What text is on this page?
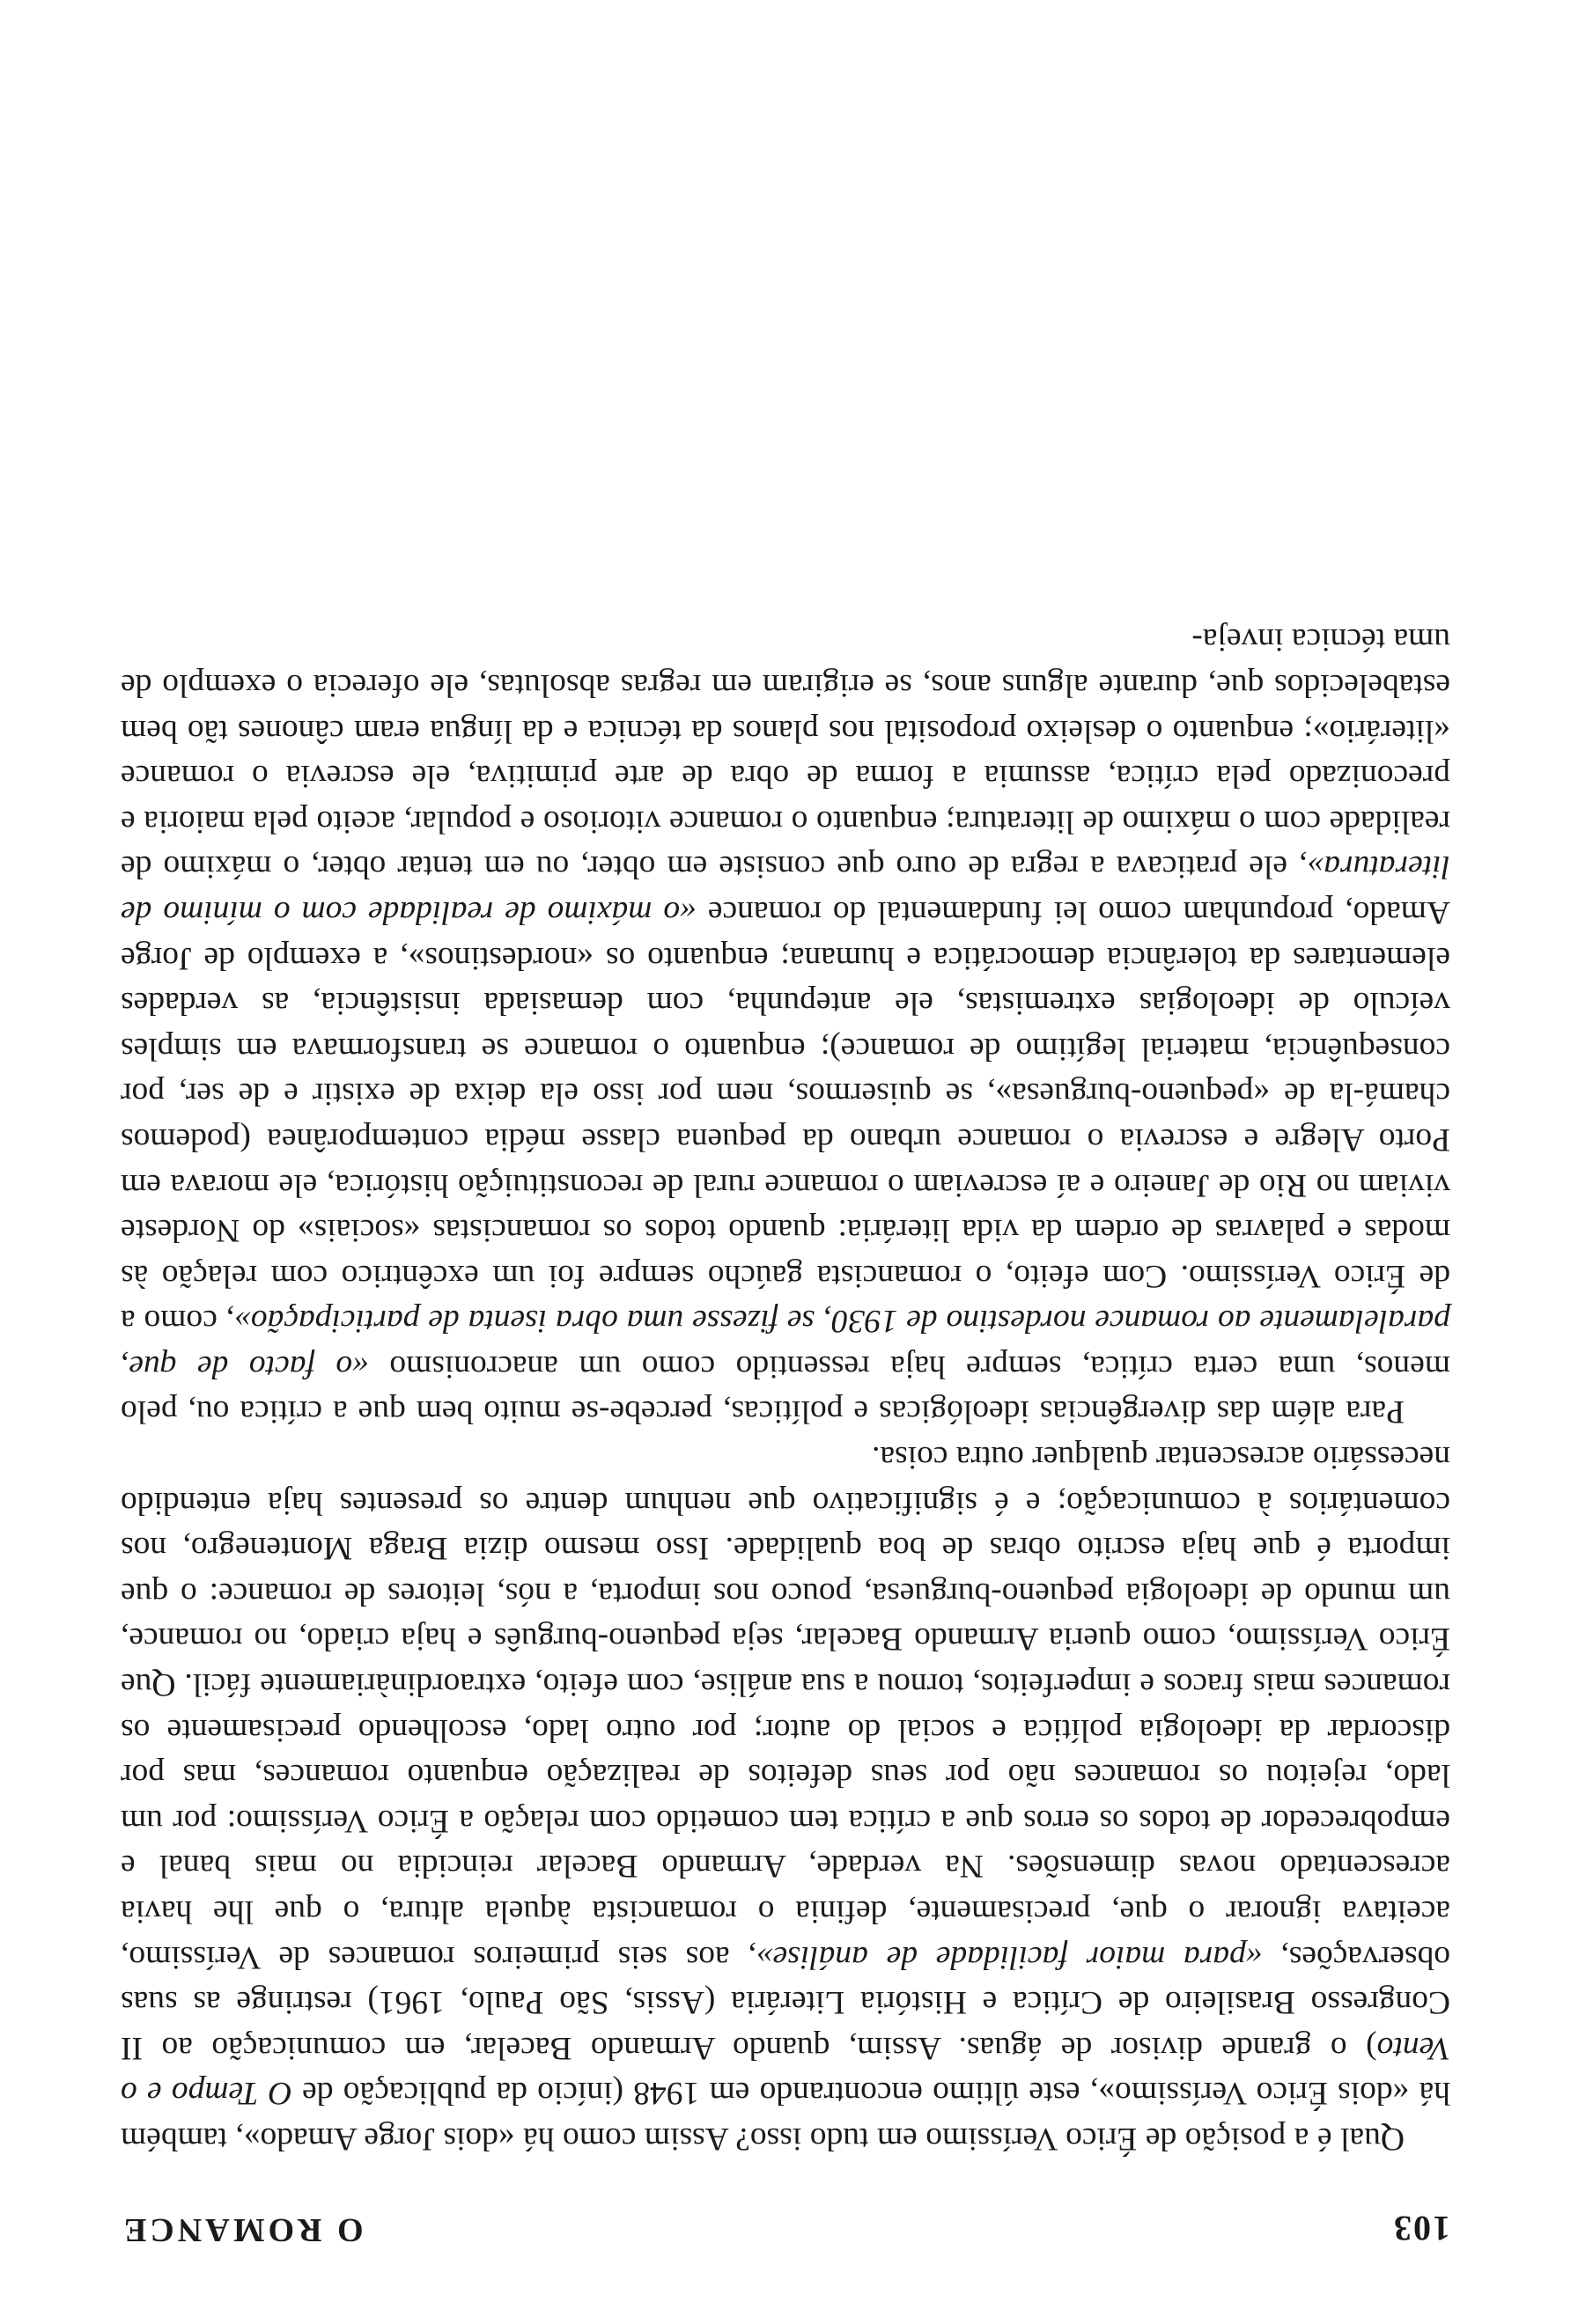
103
O ROMANCE

Qual é a posição de Érico Veríssimo em tudo isso? Assim como há «dois Jorge Amado», também há «dois Érico Veríssimo», este último encontrando em 1948 (início da publicação de O Tempo e o Vento) o grande divisor de águas. Assim, quando Armando Bacelar, em comunicação ao II Congresso Brasileiro de Crítica e História Literária (Assis, São Paulo, 1961) restringe as suas observações, «para maior facilidade de análise», aos seis primeiros romances de Veríssimo, aceitava ignorar o que, precisamente, definia o romancista àquela altura, o que lhe havia acrescentado novas dimensões. Na verdade, Armando Bacelar reincidia no mais banal e empobrecedor de todos os erros que a crítica tem cometido com relação a Érico Veríssimo: por um lado, rejeitou os romances não por seus defeitos de realização enquanto romances, mas por discordar da ideologia política e social do autor; por outro lado, escolhendo precisamente os romances mais fracos e imperfeitos, tornou a sua análise, com efeito, extraordinàriamente fácil. Que Érico Veríssimo, como queria Armando Bacelar, seja pequeno-burguês e haja criado, no romance, um mundo de ideologia pequeno-burguesa, pouco nos importa, a nós, leitores de romance: o que importa é que haja escrito obras de boa qualidade. Isso mesmo dizia Braga Montenegro, nos comentários à comunicação; e é significativo que nenhum dentre os presentes haja entendido necessário acrescentar qualquer outra coisa.

Para além das divergências ideológicas e políticas, percebe-se muito bem que a crítica ou, pelo menos, uma certa crítica, sempre haja ressentido como um anacronismo «o facto de que, paralelamente ao romance nordestino de 1930, se fizesse uma obra isenta de participação», como a de Érico Veríssimo. Com efeito, o romancista gaúcho sempre foi um excêntrico com relação às modas e palavras de ordem da vida literária: quando todos os romancistas «sociais» do Nordeste viviam no Rio de Janeiro e aí escreviam o romance rural de reconstituição histórica, ele morava em Porto Alegre e escrevia o romance urbano da pequena classe média contemporânea (podemos chamá-la de «pequeno-burguesa», se quisermos, nem por isso ela deixa de existir e de ser, por consequência, material legítimo de romance); enquanto o romance se transformava em simples veículo de ideologias extremistas, ele antepunha, com demasiada insistência, as verdades elementares da tolerância democrática e humana; enquanto os «nordestinos», a exemplo de Jorge Amado, propunham como lei fundamental do romance «o máximo de realidade com o mínimo de literatura», ele praticava a regra de ouro que consiste em obter, ou em tentar obter, o máximo de realidade com o máximo de literatura; enquanto o romance vitorioso e popular, aceito pela maioria e preconizado pela crítica, assumia a forma de obra de arte primitiva, ele escrevia o romance «literário»; enquanto o desleixo proposital nos planos da técnica e da língua eram cânones tão bem estabelecidos que, durante alguns anos, se erigiram em regras absolutas, ele oferecia o exemplo de uma técnica inveja-
